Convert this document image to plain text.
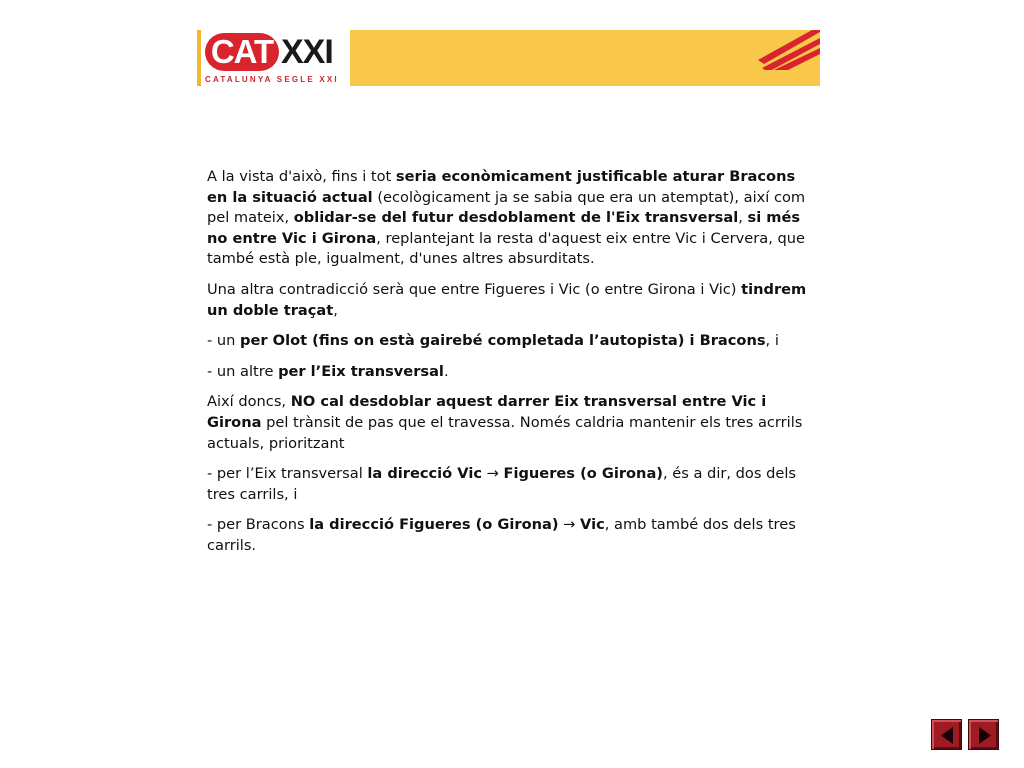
CAT XXI
CATALUNYA SEGLE XXI

A la vista d'això, fins i tot seria econòmicament justificable aturar Bracons en la situació actual (ecològicament ja se sabia que era un atemptat), així com pel mateix, oblidar-se del futur desdoblament de l'Eix transversal, si més no entre Vic i Girona, replantejant la resta d'aquest eix entre Vic i Cervera, que també està ple, igualment, d'unes altres absurditats.

Una altra contradicció serà que entre Figueres i Vic (o entre Girona i Vic) tindrem un doble traçat,

- un per Olot (fins on està gairebé completada l’autopista) i Bracons, i

- un altre per l’Eix transversal.

Així doncs, NO cal desdoblar aquest darrer Eix transversal entre Vic i Girona pel trànsit de pas que el travessa. Només caldria mantenir els tres acrrils actuals, prioritzant

- per l’Eix transversal la direcció Vic → Figueres (o Girona), és a dir, dos dels tres carrils, i

- per Bracons la direcció Figueres (o Girona) → Vic, amb també dos dels tres carrils.
